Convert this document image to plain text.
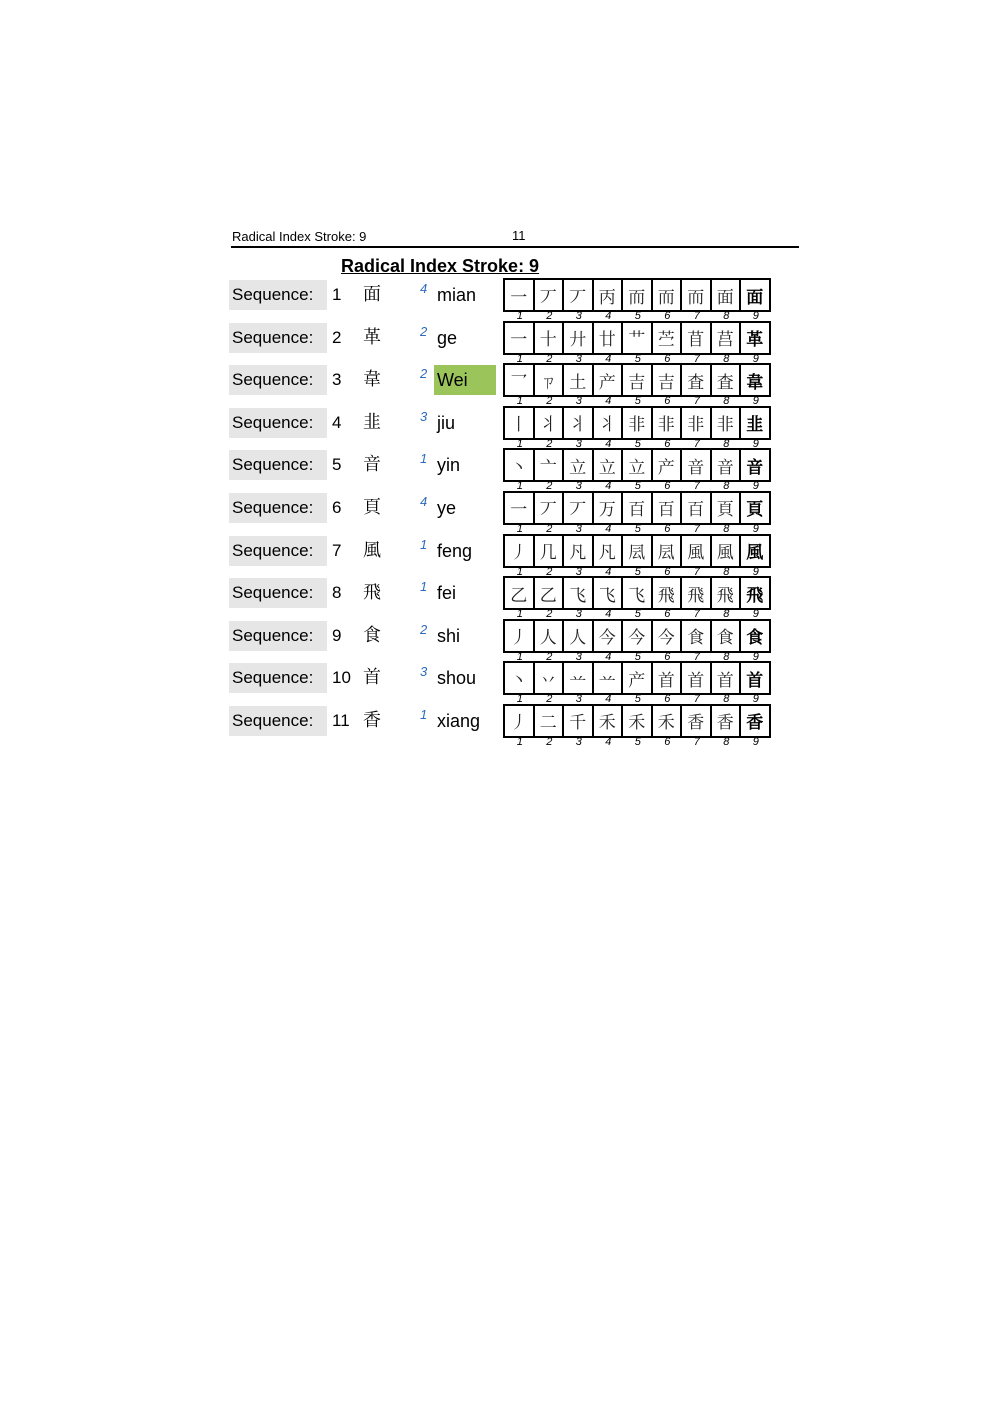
Radical Index Stroke: 9	11
Radical Index Stroke: 9
Sequence:	1 面	4 mian	一 丆 丆 丙 而 而 而 面 面
1	2	3	4	5	6	7	8	9
Sequence:	2 革	2 ge	一 十 廾 廿 艹 苎 苜 莒 革
1	2	3	4	5	6	7	8	9
Sequence:	3 韋	2 Wei	乛 ㄗ 土 产 吉 吉 査 査 韋
1	2	3	4	5	6	7	8	9
Sequence:	4 韭	3 jiu	丨 丬 丬 丬 非 非 非 非 韭
1	2	3	4	5	6	7	8	9
Sequence:	5 音	1 yin	丶 亠 立 立 立 产 音 音 音
1	2	3	4	5	6	7	8	9
Sequence:	6 頁	4 ye	一 丆 丆 万 百 百 百 頁 頁
1	2	3	4	5	6	7	8	9
Sequence:	7 風	1 feng	丿 几 凡 凡 凨 凨 風 風 風
1	2	3	4	5	6	7	8	9
Sequence:	8 飛	1 fei	乙 乙 飞 飞 飞 飛 飛 飛 飛
1	2	3	4	5	6	7	8	9
Sequence:	9 食	2 shi	丿 人 人 今 今 今 食 食 食
1	2	3	4	5	6	7	8	9
Sequence:	10 首	3 shou	丶 丷 䒑 䒑 产 首 首 首 首
1	2	3	4	5	6	7	8	9
Sequence:	11 香	1 xiang	丿 二 千 禾 禾 禾 香 香 香
1	2	3	4	5	6	7	8	9
